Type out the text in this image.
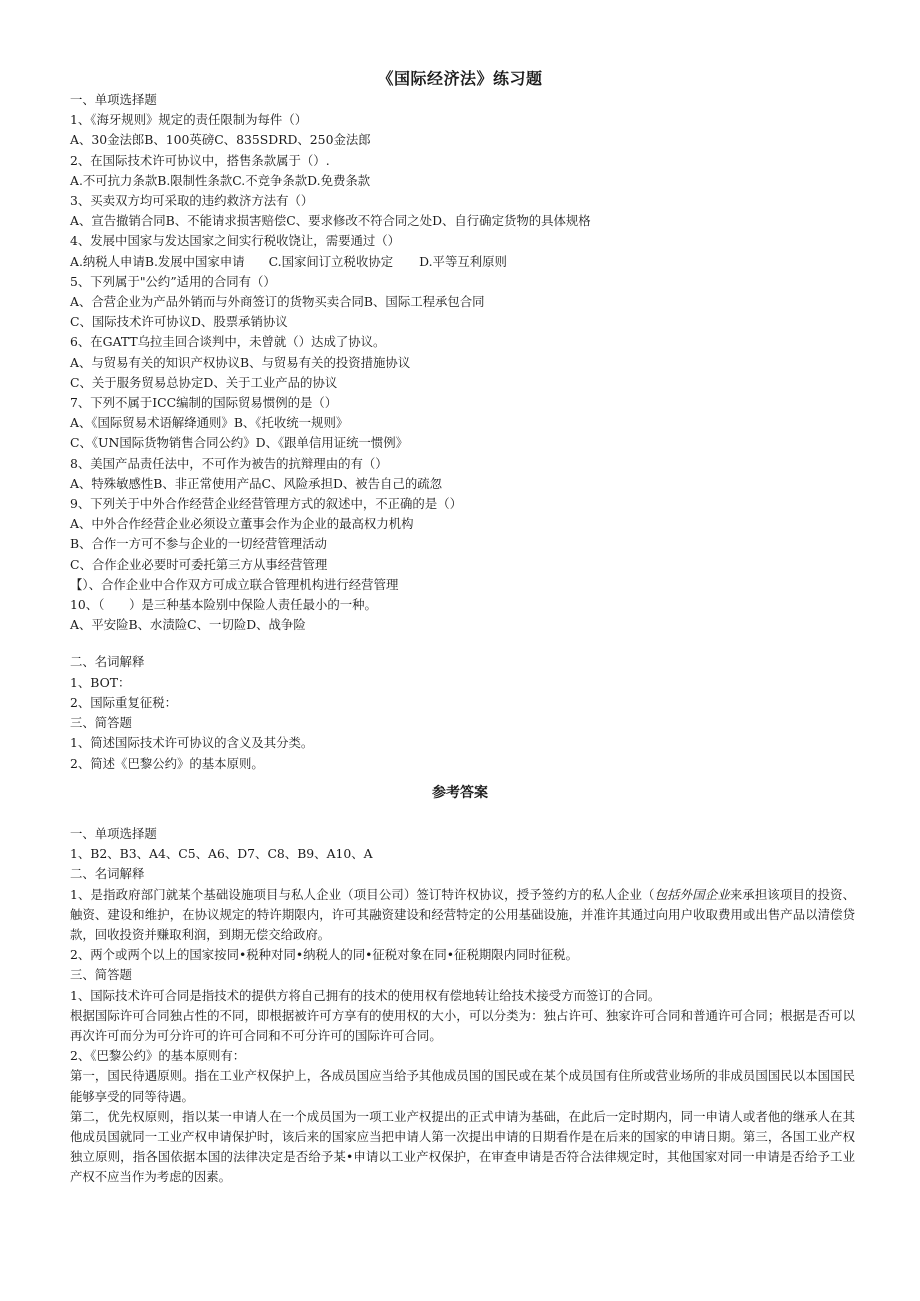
《国际经济法》练习题

一、单项选择题

1、《海牙规则》规定的责任限制为每件（）

A、30金法郎B、100英磅C、835SDRD、250金法郎

2、在国际技术许可协议中，搭售条款属于（）.

A.不可抗力条款B.限制性条款C.不竞争条款D.免费条款

3、买卖双方均可采取的违约救济方法有（）

A、宣告撤销合同B、不能请求损害赔偿C、要求修改不符合同之处D、自行确定货物的具体规格

4、发展中国家与发达国家之间实行税收饶让，需要通过（）

A.纳税人申请B.发展中国家申请 C.国家间订立税收协定 D.平等互利原则

5、下列属于"公约”适用的合同有（）

A、合营企业为产品外销而与外商签订的货物买卖合同B、国际工程承包合同

C、国际技术许可协议D、股票承销协议

6、在GATT乌拉圭回合谈判中，未曾就（）达成了协议。

A、与贸易有关的知识产权协议B、与贸易有关的投资措施协议

C、关于服务贸易总协定D、关于工业产品的协议

7、下列不属于ICC编制的国际贸易惯例的是（）

A、《国际贸易术语解绛通则》B、《托收统一规则》

C、《UN国际货物销售合同公约》D、《跟单信用证统一惯例》

8、美国产品责任法中，不可作为被告的抗辩理由的有（）

A、特殊敏感性B、非正常使用产品C、风险承担D、被告自己的疏忽

9、下列关于中外合作经营企业经营管理方式的叙述中，不正确的是（）

A、中外合作经营企业必须设立董事会作为企业的最高权力机构

B、合作一方可不参与企业的一切经营管理活动

C、合作企业必要时可委托第三方从事经营管理

【）、合作企业中合作双方可成立联合管理机构进行经营管理

10、（　　）是三种基本险别中保险人责任最小的一种。

A、平安险B、水渍险C、一切险D、战争险

二、名词解释

1、BOT：

2、国际重复征税：

三、简答题

1、简述国际技术许可协议的含义及其分类。

2、简述《巴黎公约》的基本原则。

参考答案

一、单项选择题

1、B2、B3、A4、C5、A6、D7、C8、B9、A10、A

二、名词解释

1、是指政府部门就某个基础设施项目与私人企业（项目公司）签订特许权协议，授予签约方的私人企业（包括外国企业来承担该项目的投资、触资、建设和维护，在协议规定的特许期限内，许可其融资建设和经营特定的公用基础设施，并准许其通过向用户收取费用或出售产品以清偿贷款，回收投资并赚取利润，到期无偿交给政府。

2、两个或两个以上的国家按同•税种对同•纳税人的同•征税对象在同•征税期限内同时征税。

三、简答题

1、国际技术许可合同是指技术的提供方将自己拥有的技术的使用权有偿地转让给技术接受方而签订的合同。

根据国际许可合同独占性的不同，即根据被许可方享有的使用权的大小，可以分类为：独占许可、独家许可合同和普通许可合同；根据是否可以再次许可而分为可分许可的许可合同和不可分许可的国际许可合同。

2、《巴黎公约》的基本原则有：

第一，国民待遇原则。指在工业产权保护上，各成员国应当给予其他成员国的国民或在某个成员国有住所或营业场所的非成员国国民以本国国民能够享受的同等待遇。

第二，优先权原则，指以某一申请人在一个成员国为一项工业产权提出的正式申请为基础，在此后一定时期内，同一申请人或者他的继承人在其他成员国就同一工业产权申请保护时，该后来的国家应当把申请人第一次提出申请的日期看作是在后来的国家的申请日期。第三，各国工业产权独立原则，指各国依据本国的法律决定是否给予某•申请以工业产权保护，在审查申请是否符合法律规定时，其他国家对同一申请是否给予工业产权不应当作为考虑的因素。
